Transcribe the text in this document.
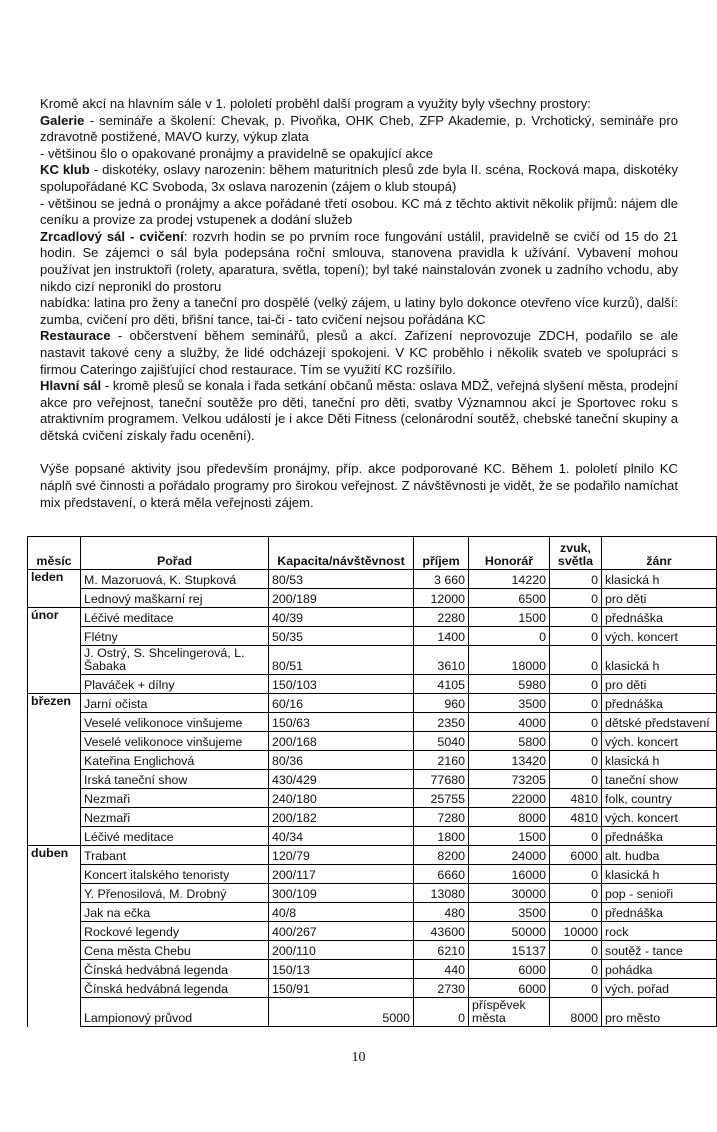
Kromě akcí na hlavním sále v 1. pololetí proběhl další program a využity byly všechny prostory:

Galerie - semináře a školení: Chevak, p. Pivoňka, OHK Cheb, ZFP Akademie, p. Vrchotický, semináře pro zdravotně postižené, MAVO kurzy, výkup zlata

- většinou šlo o opakované pronájmy a pravidelně se opakující akce

KC klub - diskotéky, oslavy narozenin: během maturitních plesů zde byla II. scéna, Rocková mapa, diskotéky spolupořádané KC Svoboda, 3x oslava narozenin (zájem o klub stoupá)

- většinou se jedná o pronájmy a akce pořádané třetí osobou. KC má z těchto aktivit několik příjmů: nájem dle ceníku a provize za prodej vstupenek a dodání služeb

Zrcadlový sál - cvičení: rozvrh hodin se po prvním roce fungování ustálil, pravidelně se cvičí od 15 do 21 hodin. Se zájemci o sál byla podepsána roční smlouva, stanovena pravidla k užívání. Vybavení mohou používat jen instruktoři (rolety, aparatura, světla, topení); byl také nainstalován zvonek u zadního vchodu, aby nikdo cizí nepronikl do prostoru

nabídka: latina pro ženy a taneční pro dospělé (velký zájem, u latiny bylo dokonce otevřeno více kurzů), další: zumba, cvičení pro děti, břišní tance, tai-či - tato cvičení nejsou pořádána KC

Restaurace - občerstvení během seminářů, plesů a akcí. Zařízení neprovozuje ZDCH, podařilo se ale nastavit takové ceny a služby, že lidé odcházejí spokojeni. V KC proběhlo i několik svateb ve spolupráci s firmou Cateringo zajišťující chod restaurace. Tím se využití KC rozšířilo.

Hlavní sál - kromě plesů se konala i řada setkání občanů města: oslava MDŽ, veřejná slyšení města, prodejní akce pro veřejnost, taneční soutěže pro děti, taneční pro děti, svatby Významnou akcí je Sportovec roku s atraktivním programem. Velkou událostí je i akce Děti Fitness (celonárodní soutěž, chebské taneční skupiny a dětská cvičení získaly řadu ocenění).

Výše popsané aktivity jsou především pronájmy, příp. akce podporované KC. Během 1. pololetí plnilo KC náplň své činnosti a pořádalo programy pro širokou veřejnost. Z návštěvnosti je vidět, že se podařilo namíchat mix představení, o která měla veřejnosti zájem.

měsíc	Pořad	Kapacita/návštěvnost	příjem	Honorář	zvuk, světla	žánr
leden	M. Mazoruová, K. Stupková	80/53	3 660	14220	0	klasická h
	Lednový maškarní rej	200/189	12000	6500	0	pro děti
únor	Léčivé meditace	40/39	2280	1500	0	přednáška
	Flétny	50/35	1400	0	0	vých. koncert
	J. Ostrý, S. Shcelingerová, L. Šabaka	80/51	3610	18000	0	klasická h
	Plaváček + dílny	150/103	4105	5980	0	pro děti
březen	Jarní očista	60/16	960	3500	0	přednáška
	Veselé velikonoce vinšujeme	150/63	2350	4000	0	dětské představení
	Veselé velikonoce vinšujeme	200/168	5040	5800	0	vých. koncert
	Kateřina Englichová	80/36	2160	13420	0	klasická h
	Irská taneční show	430/429	77680	73205	0	taneční show
	Nezmaři	240/180	25755	22000	4810	folk, country
	Nezmaři	200/182	7280	8000	4810	vých. koncert
	Léčivé meditace	40/34	1800	1500	0	přednáška
duben	Trabant	120/79	8200	24000	6000	alt. hudba
	Koncert italského tenoristy	200/117	6660	16000	0	klasická h
	Y. Přenosilová, M. Drobný	300/109	13080	30000	0	pop - senioři
	Jak na ečka	40/8	480	3500	0	přednáška
	Rockové legendy	400/267	43600	50000	10000	rock
	Cena města Chebu	200/110	6210	15137	0	soutěž - tance
	Čínská hedvábná legenda	150/13	440	6000	0	pohádka
	Čínská hedvábná legenda	150/91	2730	6000	0	vých. pořad
	Lampionový průvod	5000	0	příspěvek města	8000	pro město
10
